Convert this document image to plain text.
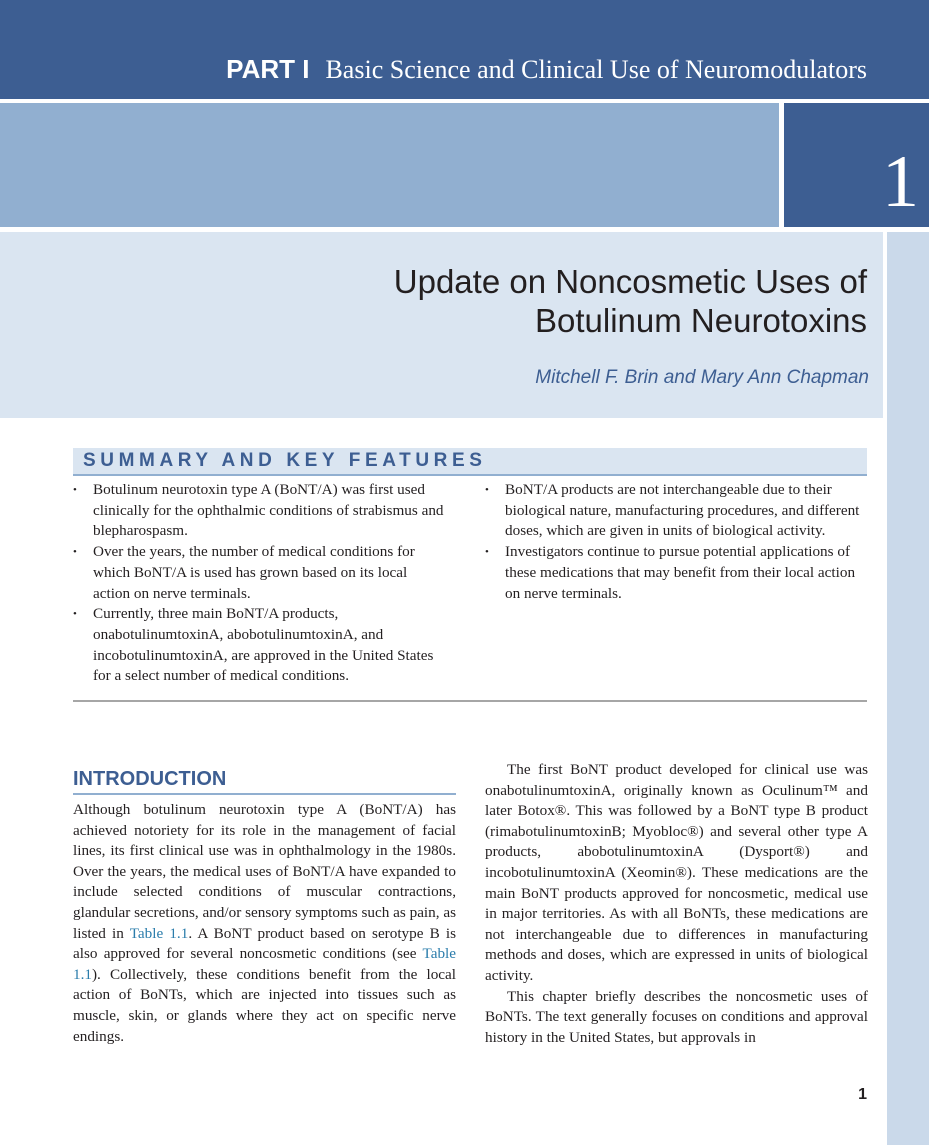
PART I Basic Science and Clinical Use of Neuromodulators
1
Update on Noncosmetic Uses of
Botulinum Neurotoxins
Mitchell F. Brin and Mary Ann Chapman
SUMMARY AND KEY FEATURES
• Botulinum neurotoxin type A (BoNT/A) was first used clinically for the ophthalmic conditions of strabismus and blepharospasm.
• Over the years, the number of medical conditions for which BoNT/A is used has grown based on its local action on nerve terminals.
• Currently, three main BoNT/A products, onabotulinumtoxinA, abobotulinumtoxinA, and incobotulinumtoxinA, are approved in the United States for a select number of medical conditions.
• BoNT/A products are not interchangeable due to their biological nature, manufacturing procedures, and different doses, which are given in units of biological activity.
• Investigators continue to pursue potential applications of these medications that may benefit from their local action on nerve terminals.
INTRODUCTION

Although botulinum neurotoxin type A (BoNT/A) has achieved notoriety for its role in the management of facial lines, its first clinical use was in ophthalmology in the 1980s. Over the years, the medical uses of BoNT/A have expanded to include selected conditions of muscular contractions, glandular secretions, and/or sensory symptoms such as pain, as listed in Table 1.1. A BoNT product based on serotype B is also approved for several noncosmetic conditions (see Table 1.1). Collectively, these conditions benefit from the local action of BoNTs, which are injected into tissues such as muscle, skin, or glands where they act on specific nerve endings.

The first BoNT product developed for clinical use was onabotulinumtoxinA, originally known as Oculinum™ and later Botox®. This was followed by a BoNT type B product (rimabotulinumtoxinB; Myobloc®) and several other type A products, abobotulinumtoxinA (Dysport®) and incobotulinumtoxinA (Xeomin®). These medications are the main BoNT products approved for noncosmetic, medical use in major territories. As with all BoNTs, these medications are not interchangeable due to differences in manufacturing methods and doses, which are expressed in units of biological activity.

This chapter briefly describes the noncosmetic uses of BoNTs. The text generally focuses on conditions and approval history in the United States, but approvals in

1
